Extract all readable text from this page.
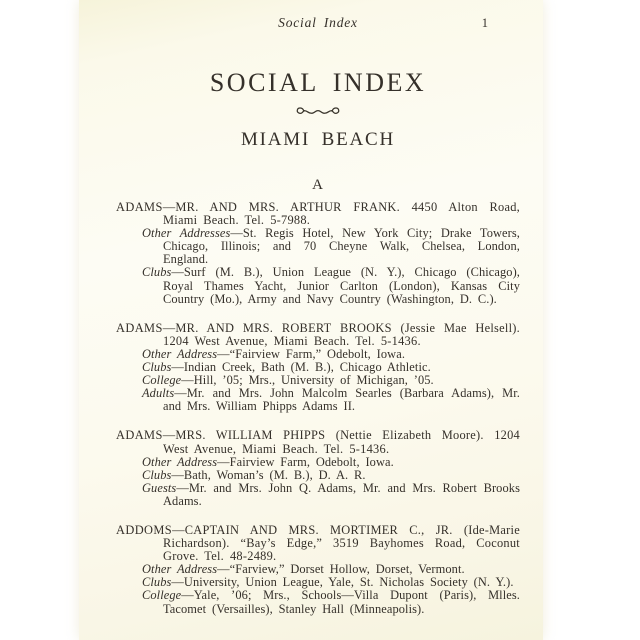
Social Index	1
SOCIAL INDEX
MIAMI BEACH
A

ADAMS—MR. AND MRS. ARTHUR FRANK. 4450 Alton Road, Miami Beach. Tel. 5-7988.

Other Addresses—St. Regis Hotel, New York City; Drake Towers, Chicago, Illinois; and 70 Cheyne Walk, Chelsea, London, England.

Clubs—Surf (M. B.), Union League (N. Y.), Chicago (Chicago), Royal Thames Yacht, Junior Carlton (London), Kansas City Country (Mo.), Army and Navy Country (Washington, D. C.).

ADAMS—MR. AND MRS. ROBERT BROOKS (Jessie Mae Helsell). 1204 West Avenue, Miami Beach. Tel. 5-1436.

Other Address—“Fairview Farm,” Odebolt, Iowa.

Clubs—Indian Creek, Bath (M. B.), Chicago Athletic.

College—Hill, ’05; Mrs., University of Michigan, ’05.

Adults—Mr. and Mrs. John Malcolm Searles (Barbara Adams), Mr. and Mrs. William Phipps Adams II.

ADAMS—MRS. WILLIAM PHIPPS (Nettie Elizabeth Moore). 1204 West Avenue, Miami Beach. Tel. 5-1436.

Other Address—Fairview Farm, Odebolt, Iowa.

Clubs—Bath, Woman’s (M. B.), D. A. R.

Guests—Mr. and Mrs. John Q. Adams, Mr. and Mrs. Robert Brooks Adams.

ADDOMS—CAPTAIN AND MRS. MORTIMER C., JR. (Ide-Marie Richardson). “Bay’s Edge,” 3519 Bayhomes Road, Coconut Grove. Tel. 48-2489.

Other Address—“Farview,” Dorset Hollow, Dorset, Vermont.

Clubs—University, Union League, Yale, St. Nicholas Society (N. Y.).

College—Yale, ’06; Mrs., Schools—Villa Dupont (Paris), Mlles. Tacomet (Versailles), Stanley Hall (Minneapolis).
